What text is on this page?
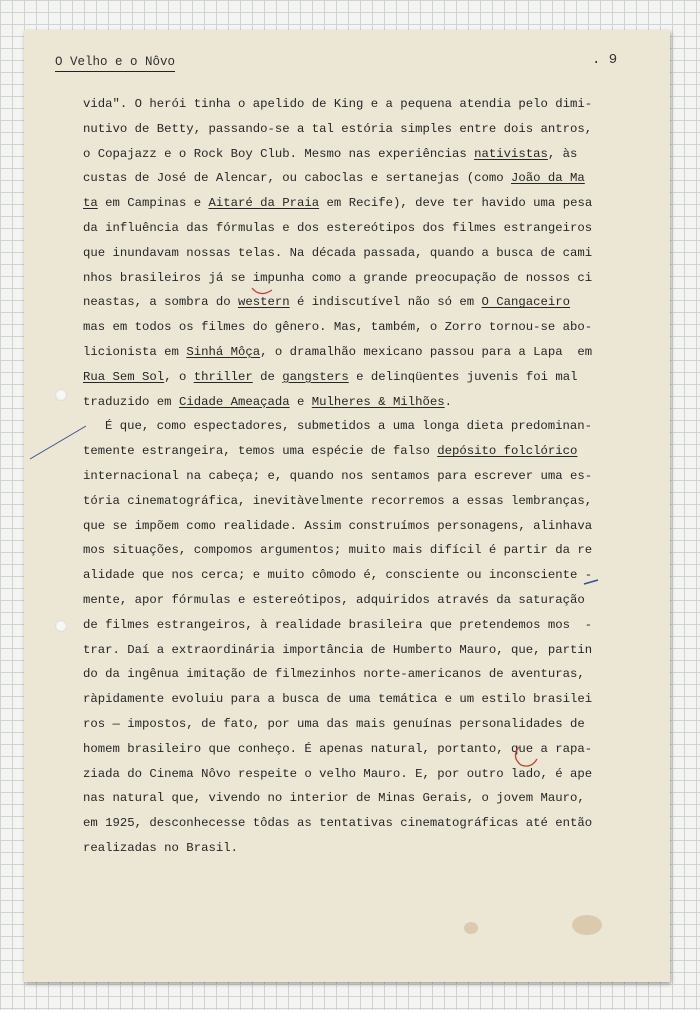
O Velho e o Nôvo	. 9
vida". O herói tinha o apelido de King e a pequena atendia pelo dimi-
nutivo de Betty, passando-se a tal estória simples entre dois antros,
o Copajazz e o Rock Boy Club. Mesmo nas experiências nativistas, às
custas de José de Alencar, ou caboclas e sertanejas (como João da Ma
ta em Campinas e Aitaré da Praia em Recife), deve ter havido uma pesa
da influência das fórmulas e dos estereótipos dos filmes estrangeiros
que inundavam nossas telas. Na década passada, quando a busca de cami
nhos brasileiros já se impunha como a grande preocupação de nossos ci
neastas, a sombra do western é indiscutível não só em O Cangaceiro
mas em todos os filmes do gênero. Mas, também, o Zorro tornou-se abo-
licionista em Sinhá Môça, o dramalhão mexicano passou para a Lapa  em
Rua Sem Sol, o thriller de gangsters e delinqüentes juvenis foi mal
traduzido em Cidade Ameaçada e Mulheres & Milhões.
É que, como espectadores, submetidos a uma longa dieta predominan-
temente estrangeira, temos uma espécie de falso depósito folclórico
internacional na cabeça; e, quando nos sentamos para escrever uma es-
tória cinematográfica, inevitàvelmente recorremos a essas lembranças,
que se impõem como realidade. Assim construímos personagens, alinhava
mos situações, compomos argumentos; muito mais difícil é partir da re
alidade que nos cerca; e muito cômodo é, consciente ou inconsciente -
mente, apor fórmulas e estereótipos, adquiridos através da saturação
de filmes estrangeiros, à realidade brasileira que pretendemos mos  -
trar. Daí a extraordinária importância de Humberto Mauro, que, partin
do da ingênua imitação de filmezinhos norte-americanos de aventuras,
ràpidamente evoluiu para a busca de uma temática e um estilo brasilei
ros — impostos, de fato, por uma das mais genuínas personalidades de
homem brasileiro que conheço. É apenas natural, portanto, que a rapa-
ziada do Cinema Nôvo respeite o velho Mauro. E, por outro lado, é ape
nas natural que, vivendo no interior de Minas Gerais, o jovem Mauro,
em 1925, desconhecesse tôdas as tentativas cinematográficas até então
realizadas no Brasil.
